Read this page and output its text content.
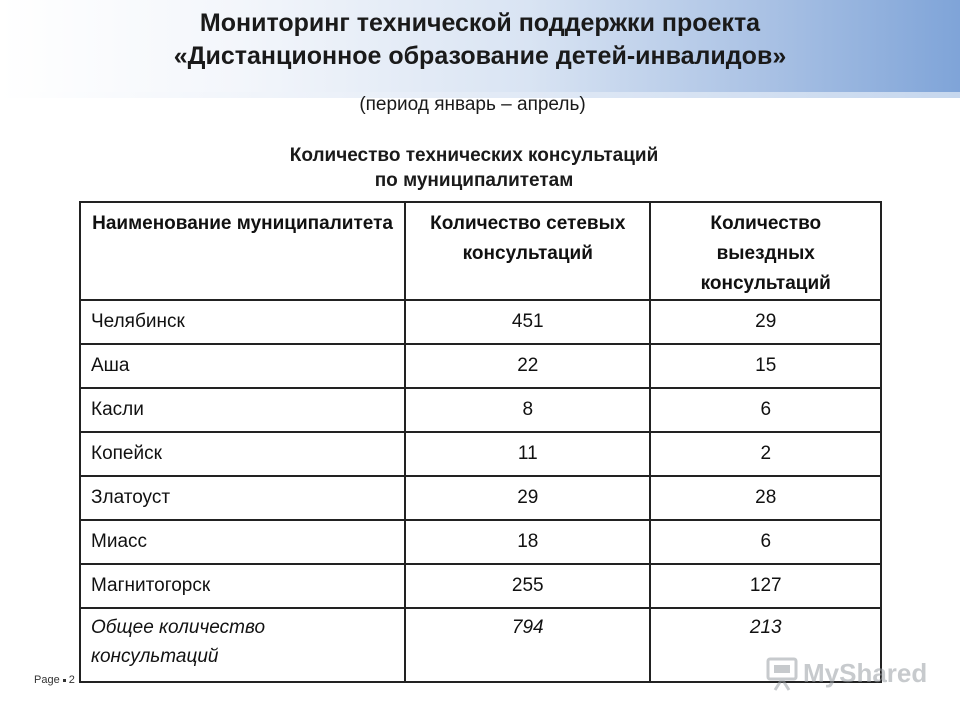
Мониторинг технической поддержки проекта
«Дистанционное образование детей-инвалидов»
(период январь – апрель)
Количество технических консультаций
по муниципалитетам
Наименование муниципалитета	Количество сетевых консультаций	Количество выездных консультаций
Челябинск	451	29
Аша	22	15
Касли	8	6
Копейск	11	2
Златоуст	29	28
Миасс	18	6
Магнитогорск	255	127
Общее количество консультаций	794	213
Page 2	MyShared
